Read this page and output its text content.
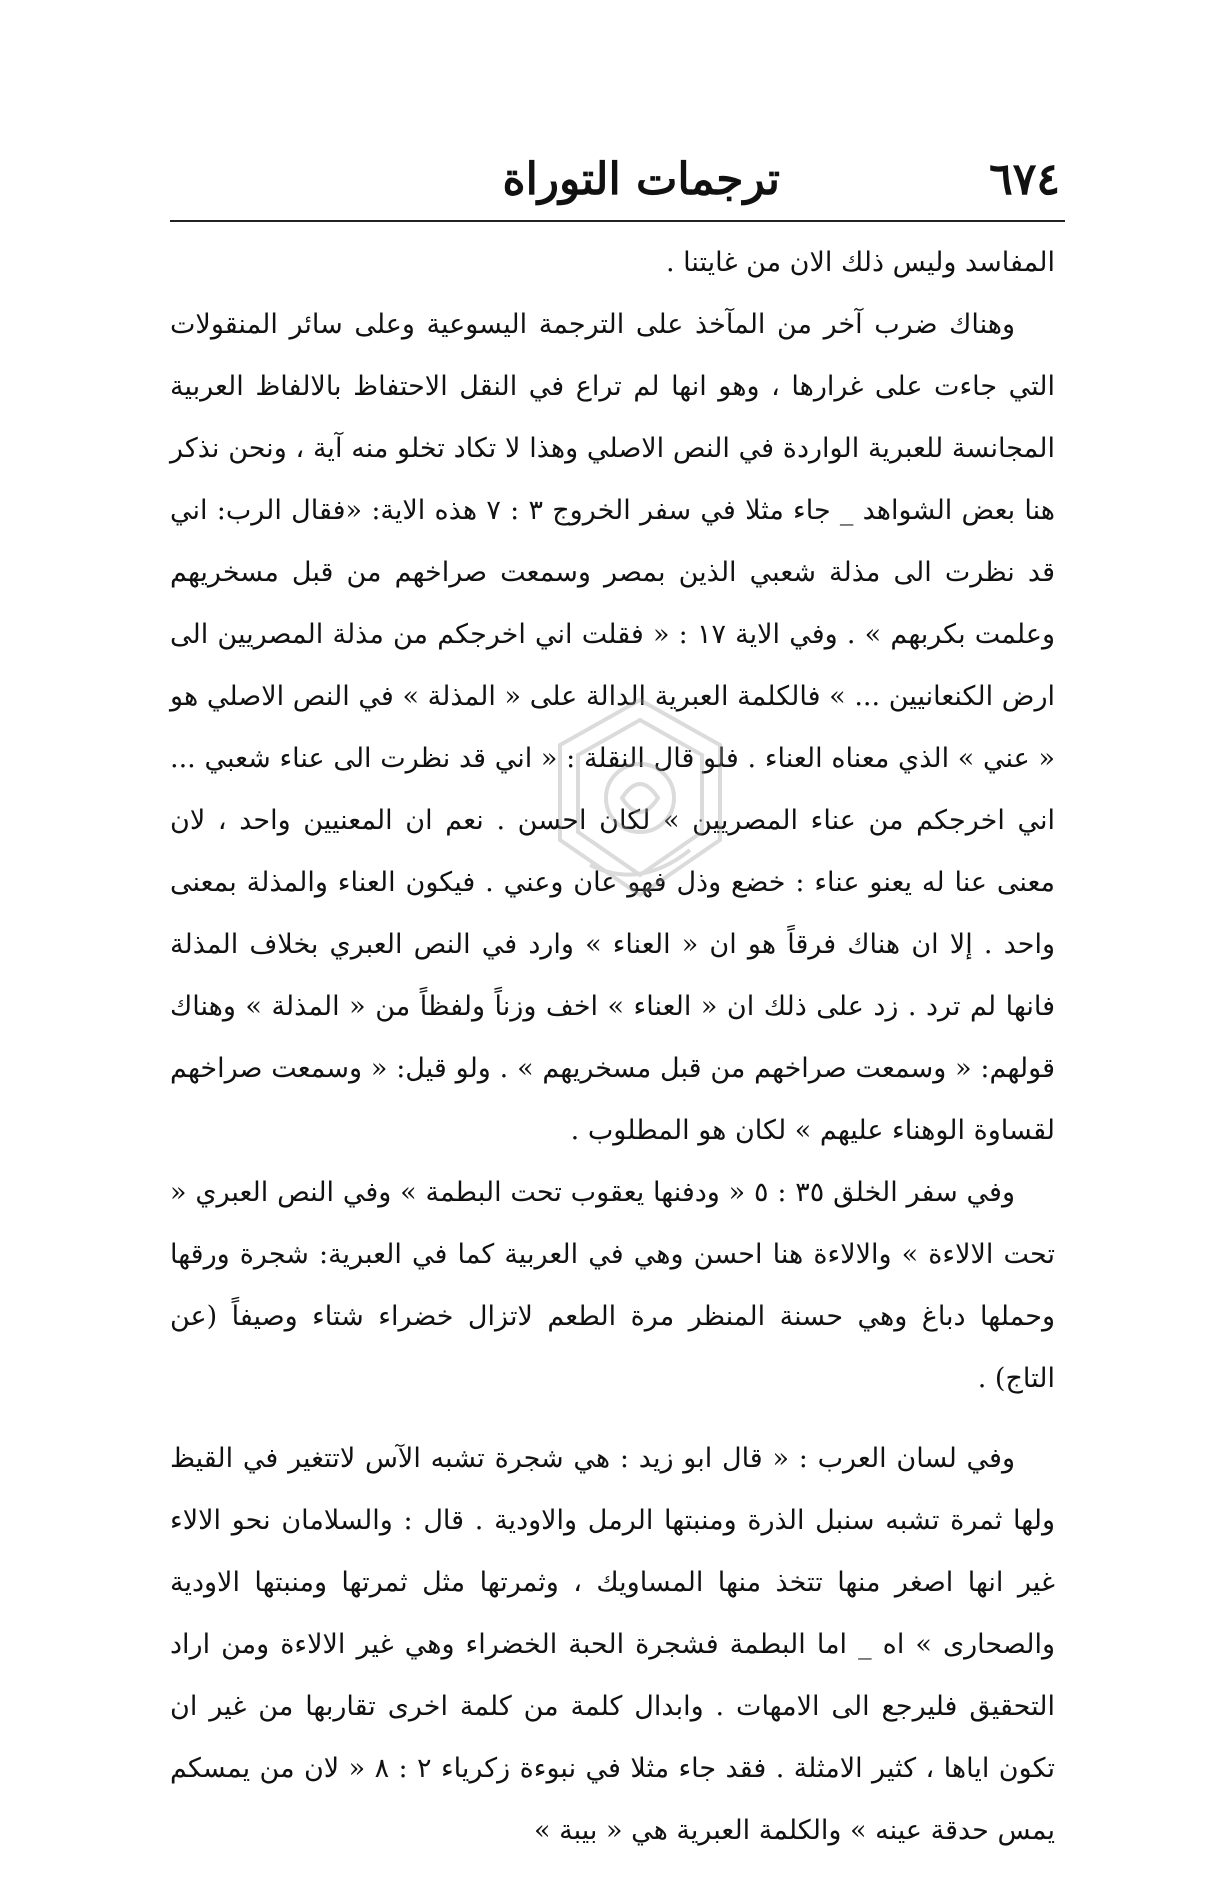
٦٧٤
ترجمات التوراة

المفاسد وليس ذلك الان من غايتنا .

وهناك ضرب آخر من المآخذ على الترجمة اليسوعية وعلى سائر المنقولات التي جاءت على غرارها ، وهو انها لم تراع في النقل الاحتفاظ بالالفاظ العربية المجانسة للعبرية الواردة في النص الاصلي وهذا لا تكاد تخلو منه آية ، ونحن نذكر هنا بعض الشواهد _ جاء مثلا في سفر الخروج ٣ : ٧ هذه الاية: «فقال الرب: اني قد نظرت الى مذلة شعبي الذين بمصر وسمعت صراخهم من قبل مسخريهم وعلمت بكربهم » . وفي الاية ١٧ : « فقلت اني اخرجكم من مذلة المصريين الى ارض الكنعانيين ... » فالكلمة العبرية الدالة على « المذلة » في النص الاصلي هو « عني » الذي معناه العناء . فلو قال النقلة : « اني قد نظرت الى عناء شعبي ... اني اخرجكم من عناء المصريين » لكان احسن . نعم ان المعنيين واحد ، لان معنى عنا له يعنو عناء : خضع وذل فهو عان وعني . فيكون العناء والمذلة بمعنى واحد . إلا ان هناك فرقاً هو ان « العناء » وارد في النص العبري بخلاف المذلة فانها لم ترد . زد على ذلك ان « العناء » اخف وزناً ولفظاً من « المذلة » وهناك قولهم: « وسمعت صراخهم من قبل مسخريهم » . ولو قيل: « وسمعت صراخهم لقساوة الوهناء عليهم » لكان هو المطلوب .

وفي سفر الخلق ٣٥ : ٥ « ودفنها يعقوب تحت البطمة » وفي النص العبري « تحت الالاءة » والالاءة هنا احسن وهي في العربية كما في العبرية: شجرة ورقها وحملها دباغ وهي حسنة المنظر مرة الطعم لاتزال خضراء شتاء وصيفاً (عن التاج) .

وفي لسان العرب : « قال ابو زيد : هي شجرة تشبه الآس لاتتغير في القيظ ولها ثمرة تشبه سنبل الذرة ومنبتها الرمل والاودية . قال : والسلامان نحو الالاء غير انها اصغر منها تتخذ منها المساويك ، وثمرتها مثل ثمرتها ومنبتها الاودية والصحارى » اه _ اما البطمة فشجرة الحبة الخضراء وهي غير الالاءة ومن اراد التحقيق فليرجع الى الامهات . وابدال كلمة من كلمة اخرى تقاربها من غير ان تكون اياها ، كثير الامثلة . فقد جاء مثلا في نبوءة زكرياء ٢ : ٨ « لان من يمسكم يمس حدقة عينه » والكلمة العبرية هي « بيبة »
